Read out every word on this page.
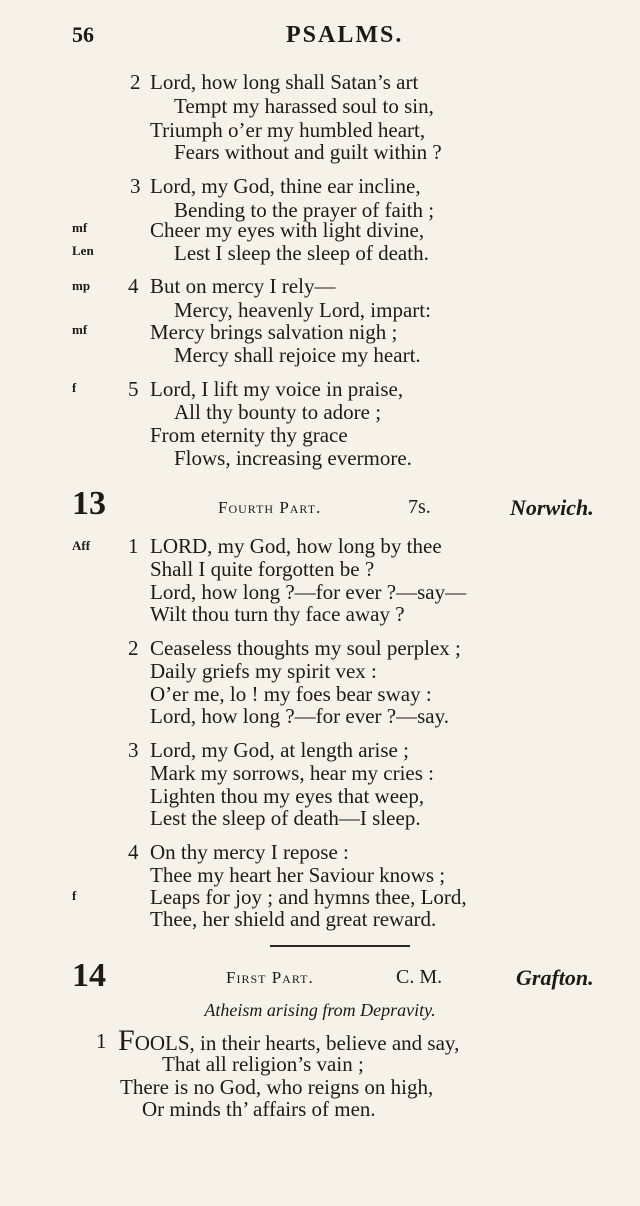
56	PSALMS.
2 Lord, how long shall Satan’s art
Tempt my harassed soul to sin,
Triumph o’er my humbled heart,
Fears without and guilt within ?
3 Lord, my God, thine ear incline,
Bending to the prayer of faith ;
mf	Cheer my eyes with light divine,
Len	Lest I sleep the sleep of death.
mp 4 But on mercy I rely—
Mercy, heavenly Lord, impart:
mf	Mercy brings salvation nigh ;
Mercy shall rejoice my heart.
f 5 Lord, I lift my voice in praise,
All thy bounty to adore ;
From eternity thy grace
Flows, increasing evermore.
13	Fourth Part.	7s.	Norwich.
Aff 1 LORD, my God, how long by thee
Shall I quite forgotten be ?
Lord, how long ?—for ever ?—say—
Wilt thou turn thy face away ?
2 Ceaseless thoughts my soul perplex ;
Daily griefs my spirit vex :
O’er me, lo ! my foes bear sway :
Lord, how long ?—for ever ?—say.
3 Lord, my God, at length arise ;
Mark my sorrows, hear my cries :
Lighten thou my eyes that weep,
Lest the sleep of death—I sleep.
4 On thy mercy I repose :
Thee my heart her Saviour knows ;
f	Leaps for joy ; and hymns thee, Lord,
Thee, her shield and great reward.
14	First Part.	C. M.	Grafton.
Atheism arising from Depravity.
1 FOOLS, in their hearts, believe and say,
That all religion’s vain ;
There is no God, who reigns on high,
Or minds th’ affairs of men.
